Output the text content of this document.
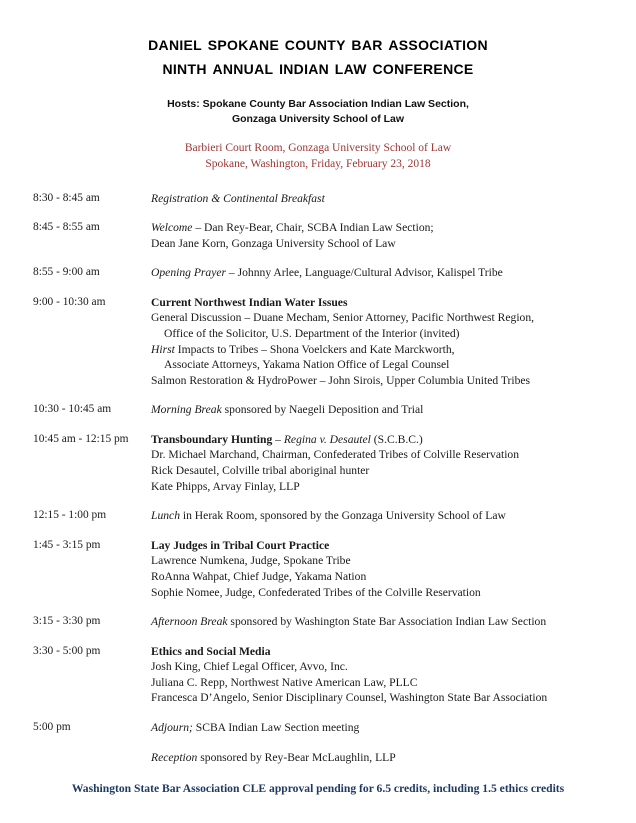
daniel spokane county bar association
ninth annual indian law conference
Hosts: Spokane County Bar Association Indian Law Section,
Gonzaga University School of Law
Barbieri Court Room, Gonzaga University School of Law
Spokane, Washington, Friday, February 23, 2018
8:30 - 8:45 am	Registration & Continental Breakfast
8:45 - 8:55 am	Welcome – Dan Rey-Bear, Chair, SCBA Indian Law Section;
Dean Jane Korn, Gonzaga University School of Law
8:55 - 9:00 am	Opening Prayer – Johnny Arlee, Language/Cultural Advisor, Kalispel Tribe
9:00 - 10:30 am	Current Northwest Indian Water Issues
General Discussion – Duane Mecham, Senior Attorney, Pacific Northwest Region,
Office of the Solicitor, U.S. Department of the Interior (invited)
Hirst Impacts to Tribes – Shona Voelckers and Kate Marckworth,
Associate Attorneys, Yakama Nation Office of Legal Counsel
Salmon Restoration & HydroPower – John Sirois, Upper Columbia United Tribes
10:30 - 10:45 am	Morning Break sponsored by Naegeli Deposition and Trial
10:45 am - 12:15 pm	Transboundary Hunting – Regina v. Desautel (S.C.B.C.)
Dr. Michael Marchand, Chairman, Confederated Tribes of Colville Reservation
Rick Desautel, Colville tribal aboriginal hunter
Kate Phipps, Arvay Finlay, LLP
12:15 - 1:00 pm	Lunch in Herak Room, sponsored by the Gonzaga University School of Law
1:45 - 3:15 pm	Lay Judges in Tribal Court Practice
Lawrence Numkena, Judge, Spokane Tribe
RoAnna Wahpat, Chief Judge, Yakama Nation
Sophie Nomee, Judge, Confederated Tribes of the Colville Reservation
3:15 - 3:30 pm	Afternoon Break sponsored by Washington State Bar Association Indian Law Section
3:30 - 5:00 pm	Ethics and Social Media
Josh King, Chief Legal Officer, Avvo, Inc.
Juliana C. Repp, Northwest Native American Law, PLLC
Francesca D’Angelo, Senior Disciplinary Counsel, Washington State Bar Association
5:00 pm	Adjourn; SCBA Indian Law Section meeting
Reception sponsored by Rey-Bear McLaughlin, LLP
Washington State Bar Association CLE approval pending for 6.5 credits, including 1.5 ethics credits
